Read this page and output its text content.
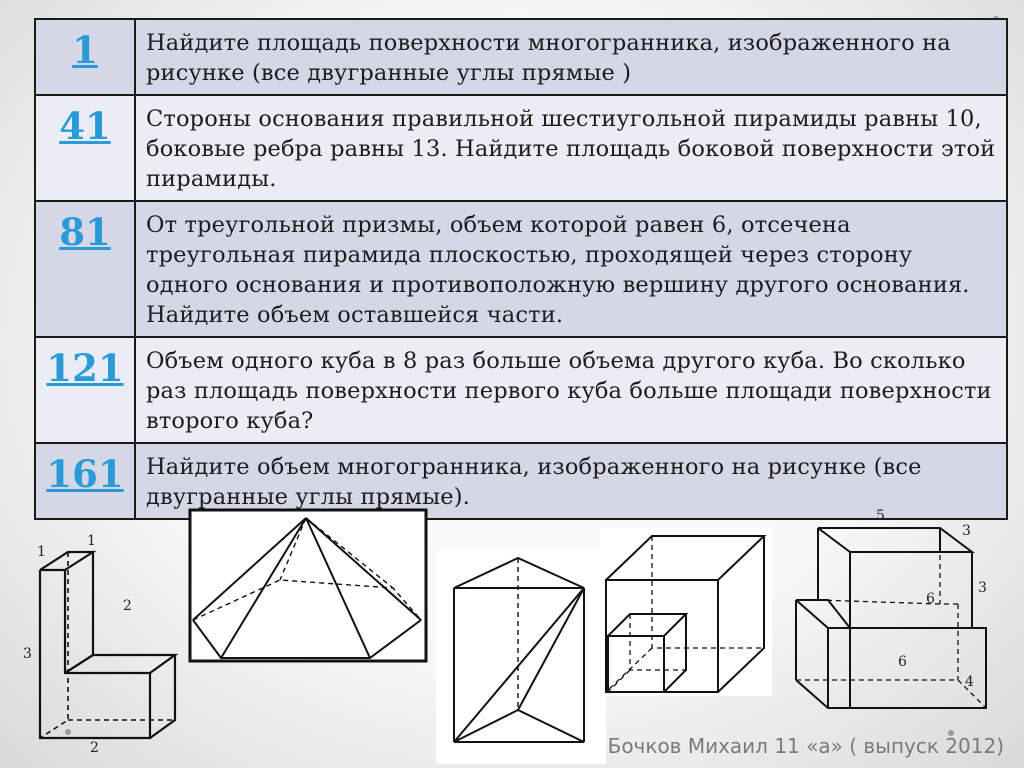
1	Найдите площадь поверхности многогранника, изображенного на рисунке (все двугранные углы прямые )
41	Стороны основания правильной шестиугольной пирамиды равны 10, боковые ребра равны 13. Найдите площадь боковой поверхности этой пирамиды.
81	От треугольной призмы, объем которой равен 6, отсечена треугольная пирамида плоскостью, проходящей через сторону одного основания и противоположную вершину другого основания. Найдите объем оставшейся части.
121	Объем одного куба в 8 раз больше объема другого куба. Во сколько раз площадь поверхности первого куба больше площади поверхности второго куба?
161	Найдите объем многогранника, изображенного на рисунке (все двугранные углы прямые).
1
1
2
3
2
5
3
3
6
6
4
Бочков Михаил 11 «а» ( выпуск 2012)
